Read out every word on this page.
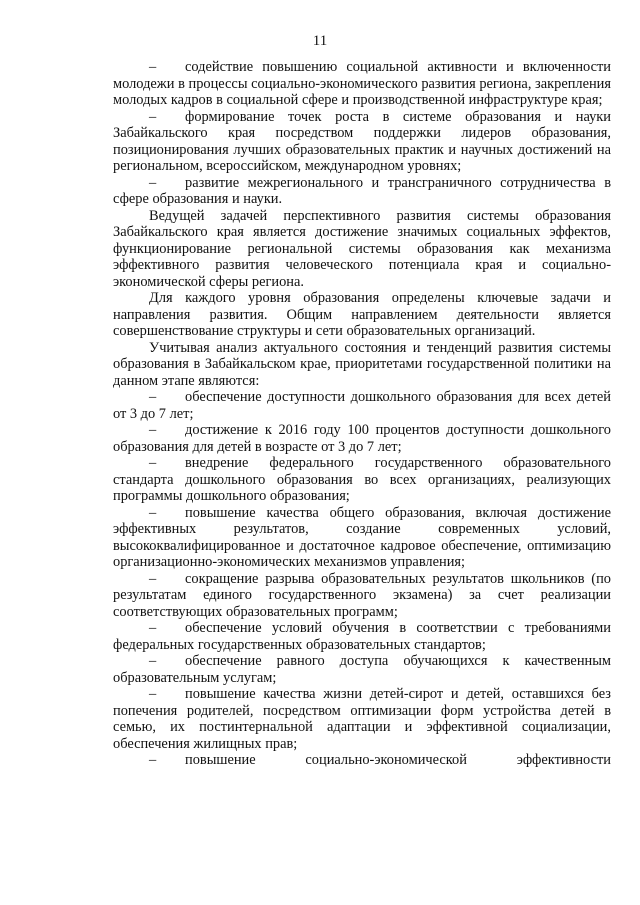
11

– содействие повышению социальной активности и включенности молодежи в процессы социально-экономического развития региона, закрепления молодых кадров в социальной сфере и производственной инфраструктуре края;

– формирование точек роста в системе образования и науки Забайкальского края посредством поддержки лидеров образования, позиционирования лучших образовательных практик и научных достижений на региональном, всероссийском, международном уровнях;

– развитие межрегионального и трансграничного сотрудничества в сфере образования и науки.

Ведущей задачей перспективного развития системы образования Забайкальского края является достижение значимых социальных эффектов, функционирование региональной системы образования как механизма эффективного развития человеческого потенциала края и социально-экономической сферы региона.

Для каждого уровня образования определены ключевые задачи и направления развития. Общим направлением деятельности является совершенствование структуры и сети образовательных организаций.

Учитывая анализ актуального состояния и тенденций развития системы образования в Забайкальском крае, приоритетами государственной политики на данном этапе являются:

– обеспечение доступности дошкольного образования для всех детей от 3 до 7 лет;

– достижение к 2016 году 100 процентов доступности дошкольного образования для детей в возрасте от 3 до 7 лет;

– внедрение федерального государственного образовательного стандарта дошкольного образования во всех организациях, реализующих программы дошкольного образования;

– повышение качества общего образования, включая достижение эффективных результатов, создание современных условий, высококвалифицированное и достаточное кадровое обеспечение, оптимизацию организационно-экономических механизмов управления;

– сокращение разрыва образовательных результатов школьников (по результатам единого государственного экзамена) за счет реализации соответствующих образовательных программ;

– обеспечение условий обучения в соответствии с требованиями федеральных государственных образовательных стандартов;

– обеспечение равного доступа обучающихся к качественным образовательным услугам;

– повышение качества жизни детей-сирот и детей, оставшихся без попечения родителей, посредством оптимизации форм устройства детей в семью, их постинтернальной адаптации и эффективной социализации, обеспечения жилищных прав;

– повышение социально-экономической эффективности
